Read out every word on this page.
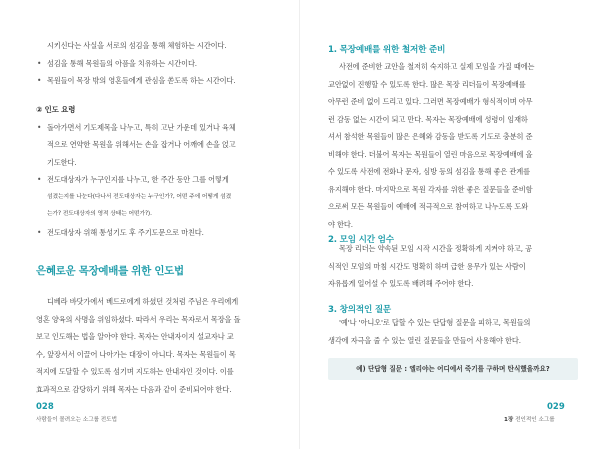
시키신다는 사실을 서로의 섬김을 통해 체험하는 시간이다.
• 섬김을 통해 목원들의 아픔을 치유하는 시간이다.
• 목원들이 목장 밖의 영혼들에게 관심을 쏟도록 하는 시간이다.
② 인도 요령
• 돌아가면서 기도제목을 나누고, 특히 고난 가운데 있거나 육체
적으로 연약한 목원을 위해서는 손을 잡거나 어깨에 손을 얹고
기도한다.
• 전도대상자가 누구인지를 나누고, 한 주간 동안 그를 어떻게
섬겼는지를 나눈다(다나서 전도대상자는 누구인가?, 어떤 주에 어떻게 섬겼
는가? 전도대상자의 영적 상태는 어떤가?).
• 전도대상자 위해 통성기도 후 주기도문으로 마친다.
은혜로운 목장예배를 위한 인도법
디베라 바닷가에서 베드로에게 하셨던 것처럼 주님은 우리에게
영혼 양육의 사명을 위임하셨다. 따라서 우리는 목자로서 목장을 돌
보고 인도해는 법을 알아야 한다. 목자는 안내자이지 설교자나 교
수, 앞장서서 이끌어 나아가는 대장이 아니다. 목자는 목원들이 목
적지에 도달할 수 있도록 섬기며 지도하는 안내자인 것이다. 이를
효과적으로 감당하기 위해 목자는 다음과 같이 준비되어야 한다.
028
사람들이 몰려오는 소그룹 전도법
1. 목장예배를 위한 철저한 준비
사전에 준비한 교안을 철저히 숙지하고 실제 모임을 가질 때에는
교안없이 진행할 수 있도록 한다. 많은 목장 리더들이 목장예배를
아무런 준비 없이 드리고 있다. 그러면 목장예배가 형식적이며 아무
런 감동 없는 시간이 되고 만다. 목자는 목장예배에 성령이 임재하
셔서 참석한 목원들이 많은 은혜와 감동을 받도록 기도로 충분히 준
비해야 한다. 더불어 목자는 목원들이 열린 마음으로 목장예배에 올
수 있도록 사전에 전화나 문자, 심방 등의 섬김을 통해 좋은 관계를
유지해야 한다. 마지막으로 목원 각자를 위한 좋은 질문들을 준비함
으로써 모든 목원들이 예배에 적극적으로 참여하고 나누도록 도와
야 한다.
2. 모임 시간 엄수
목장 리더는 약속된 모임 시작 시간을 정확하게 지켜야 하고, 공
식적인 모임의 마침 시간도 명확히 하며 급한 용무가 있는 사람이
자유롭게 일어설 수 있도록 배려해 주어야 한다.
3. 창의적인 질문
'예'나 '아니오'로 답할 수 있는 단답형 질문을 피하고, 목원들의
생각에 자극을 줄 수 있는 열린 질문들을 만들어 사용해야 한다.
예) 단답형 질문 : 엘리야는 어디에서 죽기를 구하며 탄식했을까요?
029
1장 전인적인 소그룹
